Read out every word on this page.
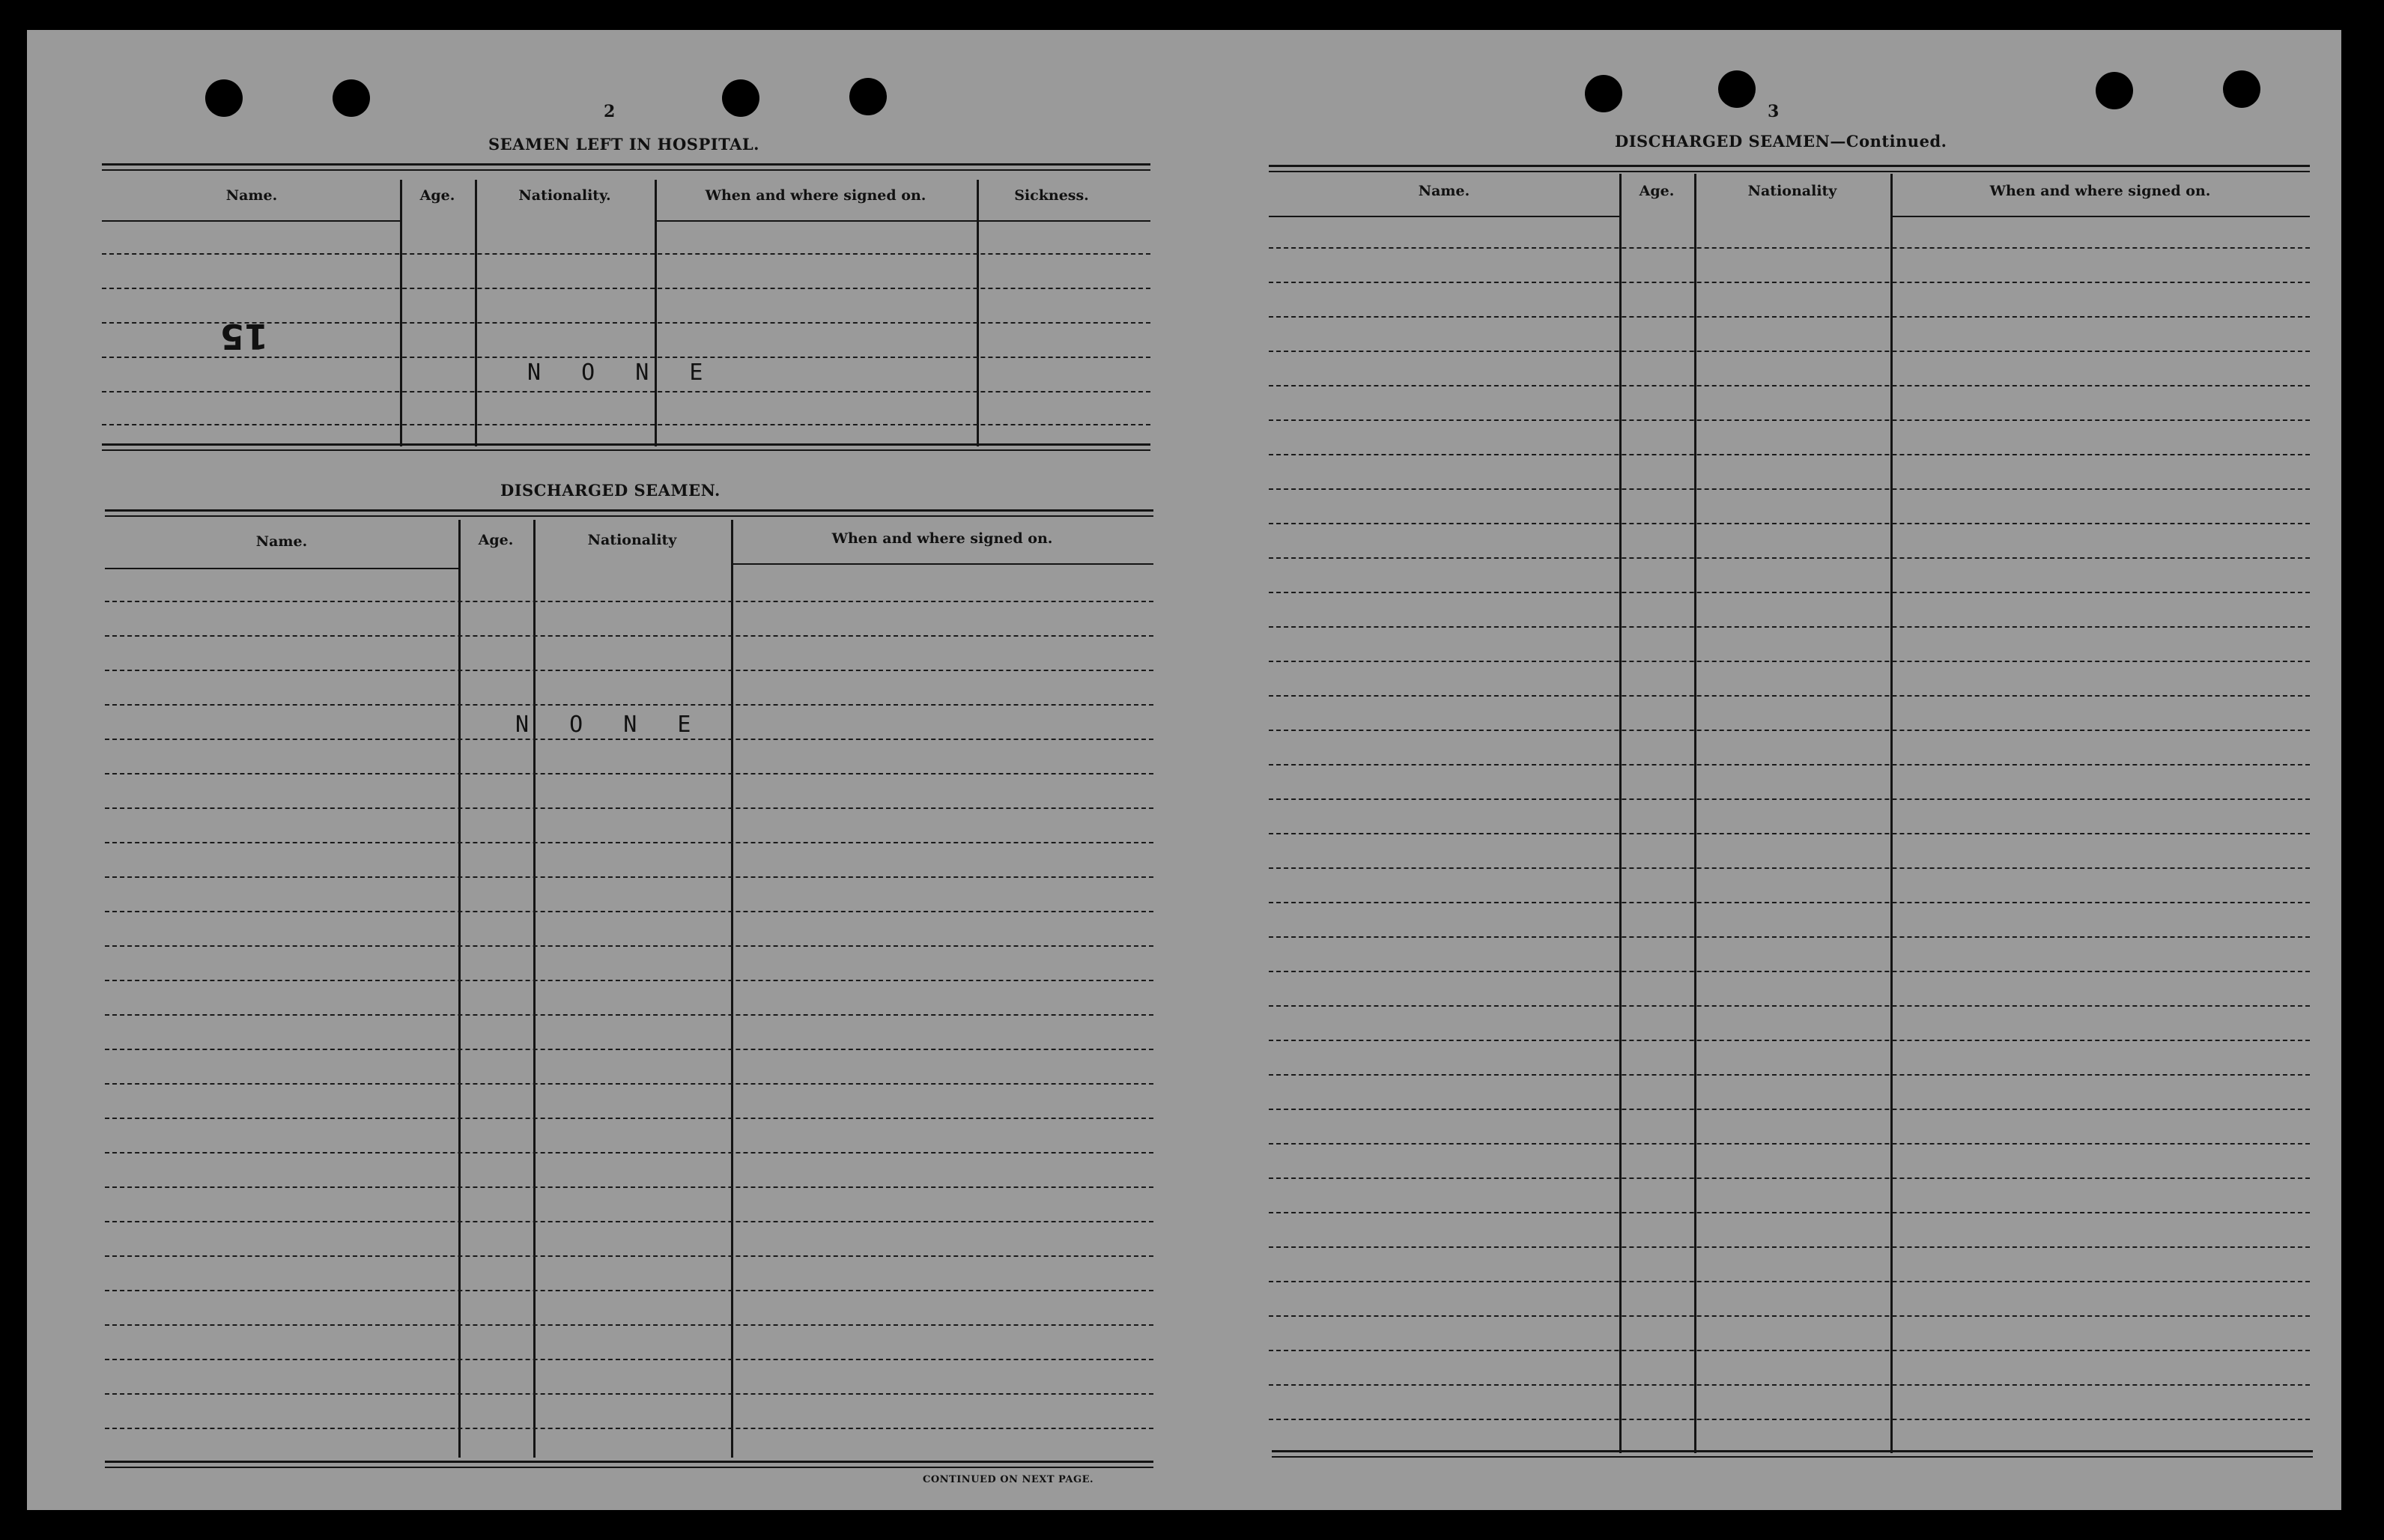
2
SEAMEN LEFT IN HOSPITAL.
Name.	Age.	Nationality.	When and where signed on.	Sickness.
N O N E
15
DISCHARGED SEAMEN.
Name.	Age.	Nationality	When and where signed on.
N O N E
CONTINUED ON NEXT PAGE.
3
DISCHARGED SEAMEN—Continued.
Name.	Age.	Nationality	When and where signed on.
